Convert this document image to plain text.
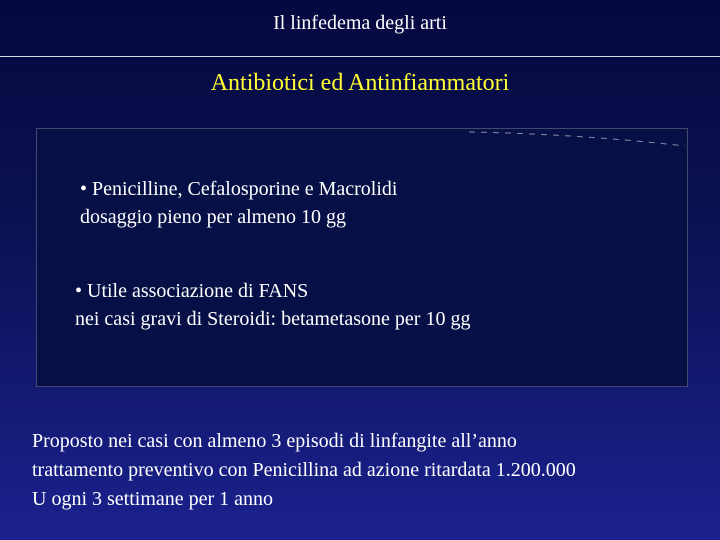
Il linfedema degli arti
Antibiotici ed Antinfiammatori
• Penicilline, Cefalosporine e Macrolidi
dosaggio pieno per almeno 10 gg
• Utile associazione di FANS
nei casi gravi di Steroidi: betametasone per 10 gg
Proposto nei casi con almeno 3 episodi di linfangite all’anno
trattamento preventivo con Penicillina ad azione ritardata 1.200.000
U ogni 3 settimane per 1 anno
